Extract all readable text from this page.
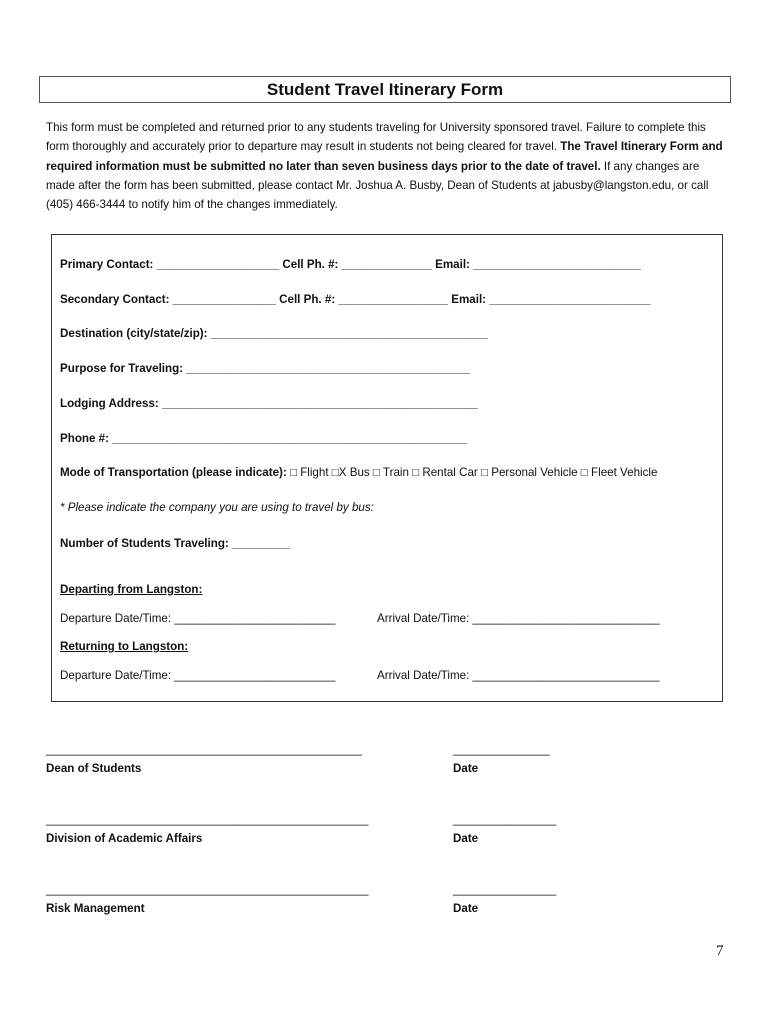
Student Travel Itinerary Form
This form must be completed and returned prior to any students traveling for University sponsored travel. Failure to complete this form thoroughly and accurately prior to departure may result in students not being cleared for travel. The Travel Itinerary Form and required information must be submitted no later than seven business days prior to the date of travel. If any changes are made after the form has been submitted, please contact Mr. Joshua A. Busby, Dean of Students at jabusby@langston.edu, or call (405) 466-3444 to notify him of the changes immediately.
Primary Contact: ___________________ Cell Ph. #: ______________ Email: __________________________
Secondary Contact: ________________ Cell Ph. #: _________________ Email: _________________________
Destination (city/state/zip): ___________________________________________
Purpose for Traveling: ____________________________________________
Lodging Address: _________________________________________________
Phone #: _______________________________________________________
Mode of Transportation (please indicate): □ Flight □X Bus □ Train □ Rental Car □ Personal Vehicle □ Fleet Vehicle
* Please indicate the company you are using to travel by bus:
Number of Students Traveling: _________
Departing from Langston:
Departure Date/Time: _________________________	Arrival Date/Time: _____________________________
Returning to Langston:
Departure Date/Time: _________________________	Arrival Date/Time: _____________________________
_________________________________________________
Dean of Students
_______________
Date
__________________________________________________
Division of Academic Affairs
________________
Date
__________________________________________________
Risk Management
________________
Date
7
